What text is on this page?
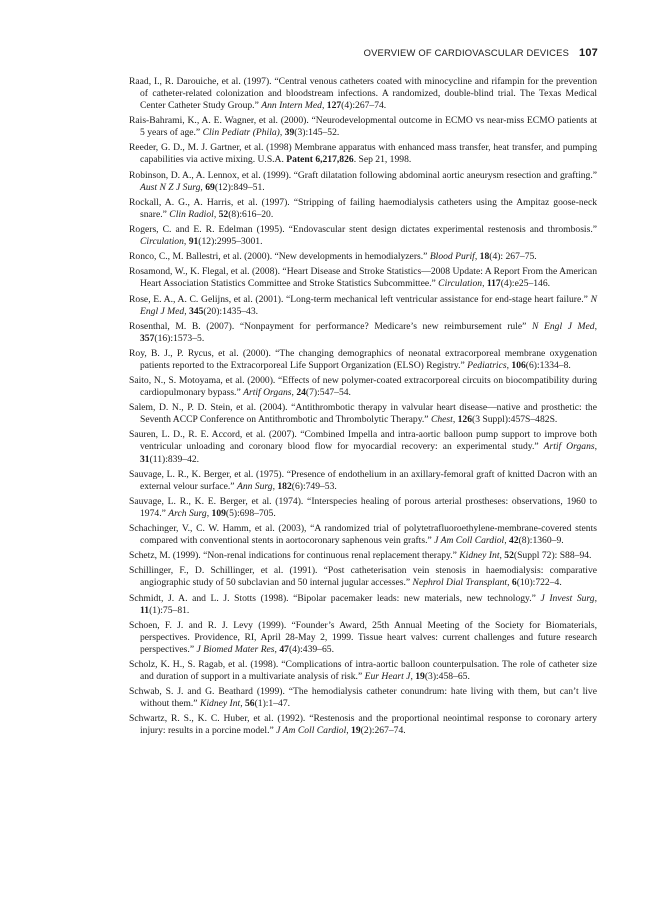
OVERVIEW OF CARDIOVASCULAR DEVICES 107

Raad, I., R. Darouiche, et al. (1997). “Central venous catheters coated with minocycline and rifampin for the prevention of catheter-related colonization and bloodstream infections. A randomized, double-blind trial. The Texas Medical Center Catheter Study Group.” Ann Intern Med, 127(4):267–74.

Rais-Bahrami, K., A. E. Wagner, et al. (2000). “Neurodevelopmental outcome in ECMO vs near-miss ECMO patients at 5 years of age.” Clin Pediatr (Phila), 39(3):145–52.

Reeder, G. D., M. J. Gartner, et al. (1998) Membrane apparatus with enhanced mass transfer, heat transfer, and pumping capabilities via active mixing. U.S.A. Patent 6,217,826. Sep 21, 1998.

Robinson, D. A., A. Lennox, et al. (1999). “Graft dilatation following abdominal aortic aneurysm resection and grafting.” Aust N Z J Surg, 69(12):849–51.

Rockall, A. G., A. Harris, et al. (1997). “Stripping of failing haemodialysis catheters using the Ampitaz goose-neck snare.” Clin Radiol, 52(8):616–20.

Rogers, C. and E. R. Edelman (1995). “Endovascular stent design dictates experimental restenosis and thrombosis.” Circulation, 91(12):2995–3001.

Ronco, C., M. Ballestri, et al. (2000). “New developments in hemodialyzers.” Blood Purif, 18(4): 267–75.

Rosamond, W., K. Flegal, et al. (2008). “Heart Disease and Stroke Statistics—2008 Update: A Report From the American Heart Association Statistics Committee and Stroke Statistics Subcommittee.” Circulation, 117(4):e25–146.

Rose, E. A., A. C. Gelijns, et al. (2001). “Long-term mechanical left ventricular assistance for end-stage heart failure.” N Engl J Med, 345(20):1435–43.

Rosenthal, M. B. (2007). “Nonpayment for performance? Medicare’s new reimbursement rule” N Engl J Med, 357(16):1573–5.

Roy, B. J., P. Rycus, et al. (2000). “The changing demographics of neonatal extracorporeal membrane oxygenation patients reported to the Extracorporeal Life Support Organization (ELSO) Registry.” Pediatrics, 106(6):1334–8.

Saito, N., S. Motoyama, et al. (2000). “Effects of new polymer-coated extracorporeal circuits on biocompatibility during cardiopulmonary bypass.” Artif Organs, 24(7):547–54.

Salem, D. N., P. D. Stein, et al. (2004). “Antithrombotic therapy in valvular heart disease—native and prosthetic: the Seventh ACCP Conference on Antithrombotic and Thrombolytic Therapy.” Chest, 126(3 Suppl):457S–482S.

Sauren, L. D., R. E. Accord, et al. (2007). “Combined Impella and intra-aortic balloon pump support to improve both ventricular unloading and coronary blood flow for myocardial recovery: an experimental study.” Artif Organs, 31(11):839–42.

Sauvage, L. R., K. Berger, et al. (1975). “Presence of endothelium in an axillary-femoral graft of knitted Dacron with an external velour surface.” Ann Surg, 182(6):749–53.

Sauvage, L. R., K. E. Berger, et al. (1974). “Interspecies healing of porous arterial prostheses: observations, 1960 to 1974.” Arch Surg, 109(5):698–705.

Schachinger, V., C. W. Hamm, et al. (2003), “A randomized trial of polytetrafluoroethylene-membrane-covered stents compared with conventional stents in aortocoronary saphenous vein grafts.” J Am Coll Cardiol, 42(8):1360–9.

Schetz, M. (1999). “Non-renal indications for continuous renal replacement therapy.” Kidney Int, 52(Suppl 72): S88–94.

Schillinger, F., D. Schillinger, et al. (1991). “Post catheterisation vein stenosis in haemodialysis: comparative angiographic study of 50 subclavian and 50 internal jugular accesses.” Nephrol Dial Transplant, 6(10):722–4.

Schmidt, J. A. and L. J. Stotts (1998). “Bipolar pacemaker leads: new materials, new technology.” J Invest Surg, 11(1):75–81.

Schoen, F. J. and R. J. Levy (1999). “Founder’s Award, 25th Annual Meeting of the Society for Biomaterials, perspectives. Providence, RI, April 28-May 2, 1999. Tissue heart valves: current challenges and future research perspectives.” J Biomed Mater Res, 47(4):439–65.

Scholz, K. H., S. Ragab, et al. (1998). “Complications of intra-aortic balloon counterpulsation. The role of catheter size and duration of support in a multivariate analysis of risk.” Eur Heart J, 19(3):458–65.

Schwab, S. J. and G. Beathard (1999). “The hemodialysis catheter conundrum: hate living with them, but can’t live without them.” Kidney Int, 56(1):1–47.

Schwartz, R. S., K. C. Huber, et al. (1992). “Restenosis and the proportional neointimal response to coronary artery injury: results in a porcine model.” J Am Coll Cardiol, 19(2):267–74.
